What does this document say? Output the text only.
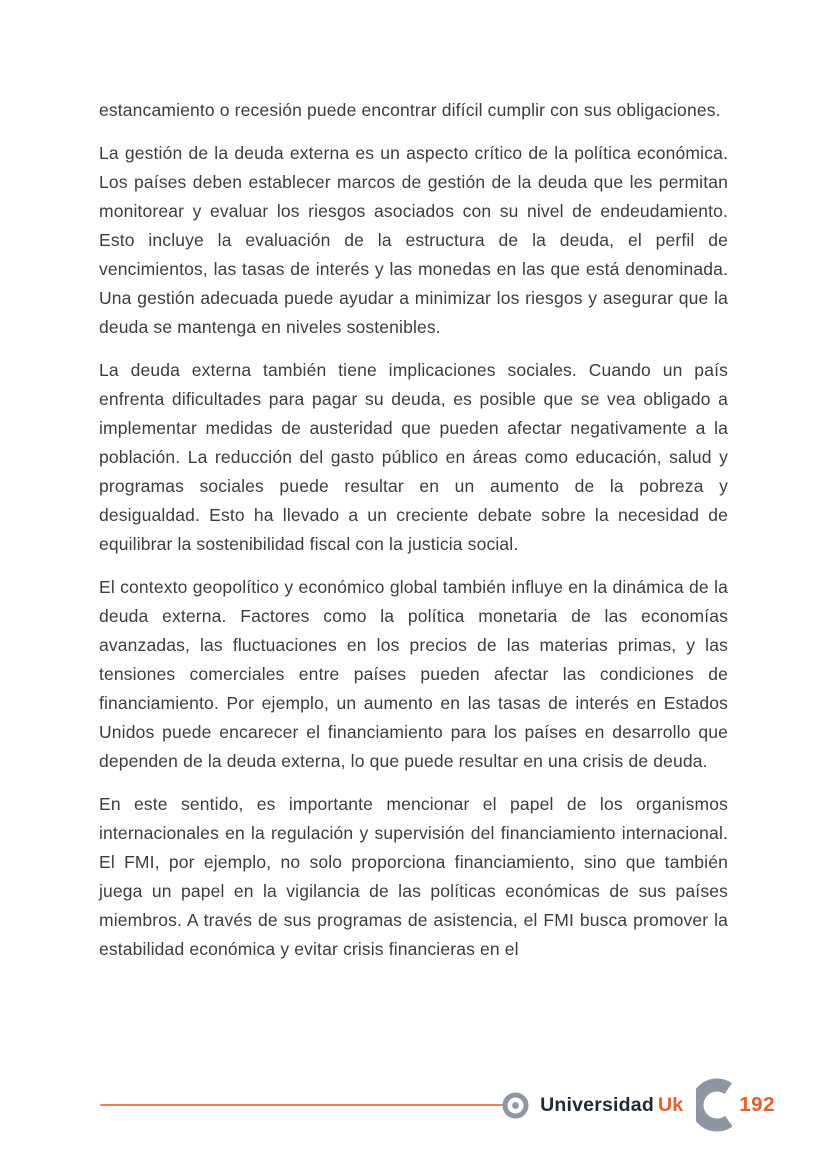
estancamiento o recesión puede encontrar difícil cumplir con sus obligaciones.

La gestión de la deuda externa es un aspecto crítico de la política económica. Los países deben establecer marcos de gestión de la deuda que les permitan monitorear y evaluar los riesgos asociados con su nivel de endeudamiento. Esto incluye la evaluación de la estructura de la deuda, el perfil de vencimientos, las tasas de interés y las monedas en las que está denominada. Una gestión adecuada puede ayudar a minimizar los riesgos y asegurar que la deuda se mantenga en niveles sostenibles.

La deuda externa también tiene implicaciones sociales. Cuando un país enfrenta dificultades para pagar su deuda, es posible que se vea obligado a implementar medidas de austeridad que pueden afectar negativamente a la población. La reducción del gasto público en áreas como educación, salud y programas sociales puede resultar en un aumento de la pobreza y desigualdad. Esto ha llevado a un creciente debate sobre la necesidad de equilibrar la sostenibilidad fiscal con la justicia social.

El contexto geopolítico y económico global también influye en la dinámica de la deuda externa. Factores como la política monetaria de las economías avanzadas, las fluctuaciones en los precios de las materias primas, y las tensiones comerciales entre países pueden afectar las condiciones de financiamiento. Por ejemplo, un aumento en las tasas de interés en Estados Unidos puede encarecer el financiamiento para los países en desarrollo que dependen de la deuda externa, lo que puede resultar en una crisis de deuda.

En este sentido, es importante mencionar el papel de los organismos internacionales en la regulación y supervisión del financiamiento internacional. El FMI, por ejemplo, no solo proporciona financiamiento, sino que también juega un papel en la vigilancia de las políticas económicas de sus países miembros. A través de sus programas de asistencia, el FMI busca promover la estabilidad económica y evitar crisis financieras en el

Universidad Uk	192
